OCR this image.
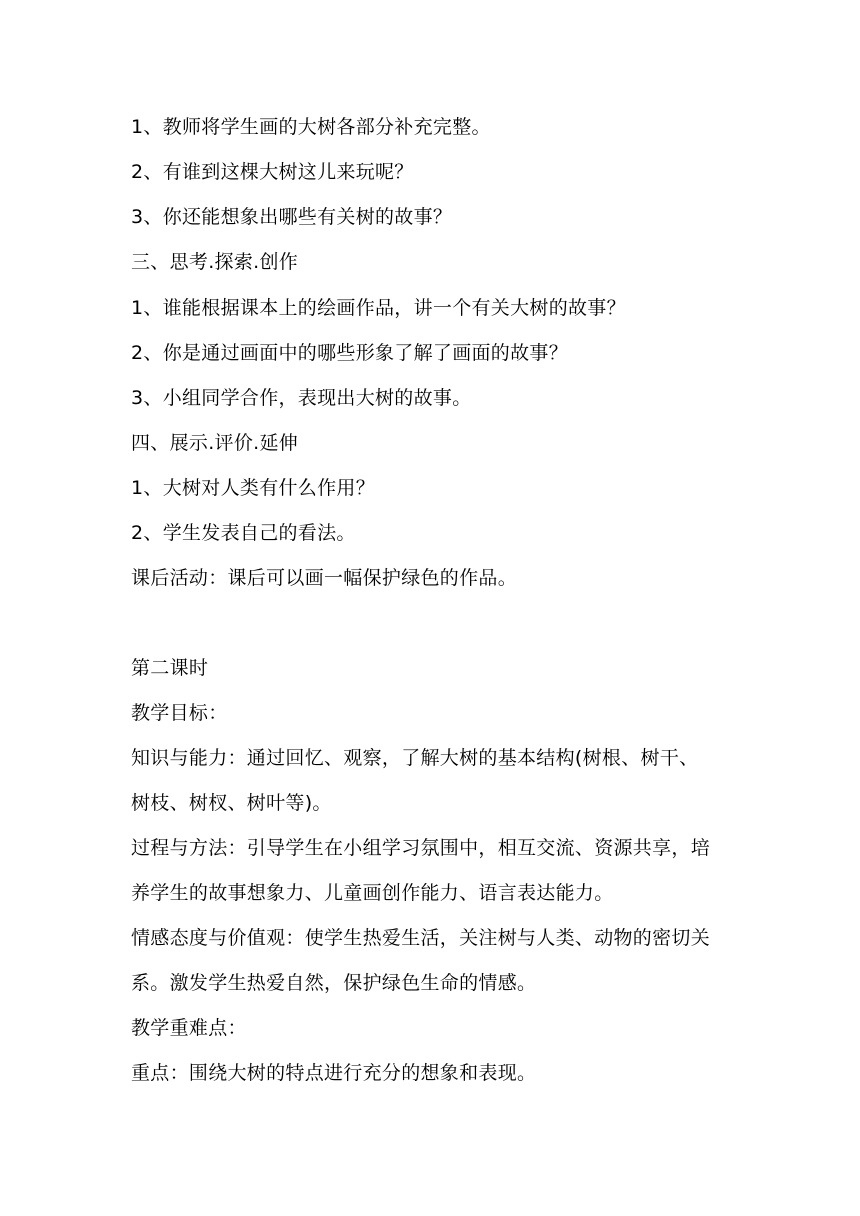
1、教师将学生画的大树各部分补充完整。
2、有谁到这棵大树这儿来玩呢？
3、你还能想象出哪些有关树的故事？
三、思考.探索.创作
1、谁能根据课本上的绘画作品，讲一个有关大树的故事？
2、你是通过画面中的哪些形象了解了画面的故事？
3、小组同学合作，表现出大树的故事。
四、展示.评价.延伸
1、大树对人类有什么作用？
2、学生发表自己的看法。
课后活动：课后可以画一幅保护绿色的作品。
第二课时
教学目标：
知识与能力：通过回忆、观察，了解大树的基本结构(树根、树干、
树枝、树杈、树叶等)。
过程与方法：引导学生在小组学习氛围中，相互交流、资源共享，培
养学生的故事想象力、儿童画创作能力、语言表达能力。
情感态度与价值观：使学生热爱生活，关注树与人类、动物的密切关
系。激发学生热爱自然，保护绿色生命的情感。
教学重难点：
重点：围绕大树的特点进行充分的想象和表现。
